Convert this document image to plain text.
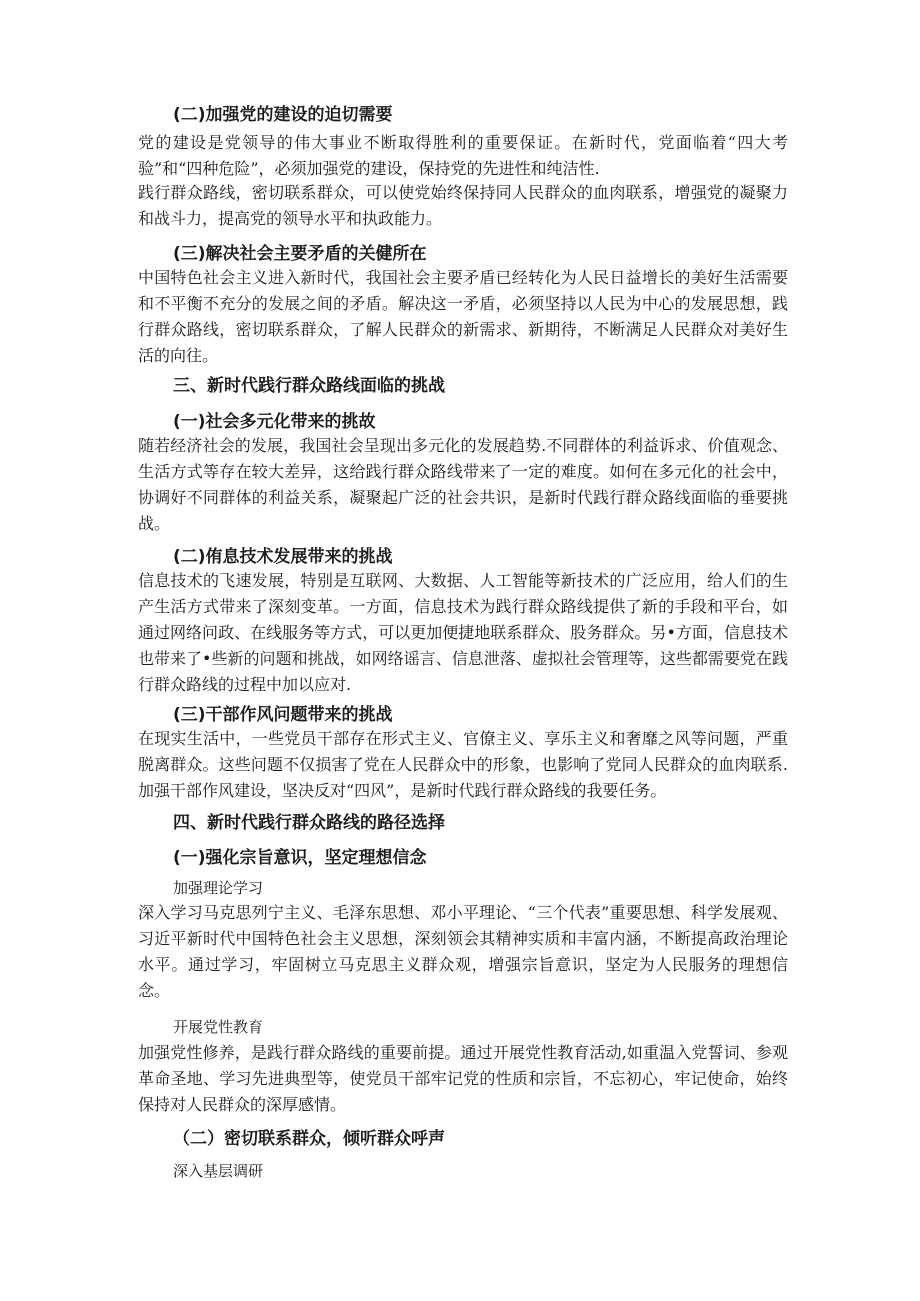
(二)加强党的建设的迫切需要

党的建设是党领导的伟大事业不断取得胜利的重要保证。在新时代，党面临着“四大考验”和“四种危险”，必须加强党的建设，保持党的先进性和纯洁性.

践行群众路线，密切联系群众，可以使党始终保持同人民群众的血肉联系，增强党的凝聚力和战斗力，提高党的领导水平和执政能力。

(三)解决社会主要矛盾的关健所在

中国特色社会主义进入新时代，我国社会主要矛盾已经转化为人民日益增长的美好生活需要和不平衡不充分的发展之间的矛盾。解决这一矛盾，必须坚持以人民为中心的发展思想，践行群众路线，密切联系群众，了解人民群众的新需求、新期待，不断满足人民群众对美好生活的向往。

三、新时代践行群众路线面临的挑战
(一)社会多元化带来的挑故

随若经济社会的发展，我国社会呈现出多元化的发展趋势.不同群体的利益诉求、价值观念、生活方式等存在较大差异，这给践行群众路线带来了一定的难度。如何在多元化的社会中，协调好不同群体的利益关系，凝聚起广泛的社会共识，是新时代践行群众路线面临的垂要挑战。

(二)侑息技术发展带来的挑战

信息技术的飞速发展，特别是互联网、大数据、人工智能等新技术的广泛应用，给人们的生产生活方式带来了深刻变革。一方面，信息技术为践行群众路线提供了新的手段和平台，如通过网络问政、在线服务等方式，可以更加便捷地联系群众、股务群众。另•方面，信息技术也带来了•些新的问题和挑战，如网络谣言、信息泄落、虚拟社会管理等，这些都需要党在践行群众路线的过程中加以应对.

(三)干部作风问题带来的挑战

在现实生活中，一些党员干部存在形式主义、官僚主义、享乐主义和奢靡之风等问题，严重脱离群众。这些问题不仅损害了党在人民群众中的形象，也影响了党同人民群众的血肉联系.加强干部作风建设，坚决反对“四风”，是新时代践行群众路线的我要任务。

四、新时代践行群众路线的路径选择
(一)强化宗旨意识，坚定理想信念
加强理论学习

深入学习马克思列宁主义、毛泽东思想、邓小平理论、“三个代表”重要思想、科学发展观、习近平新时代中国特色社会主义思想，深刻领会其精神实质和丰富内涵，不断提高政治理论水平。通过学习，牢固树立马克思主义群众观，增强宗旨意识，坚定为人民服务的理想信念。

开展党性教育

加强党性修养，是践行群众路线的重要前提。通过开展党性教育活动,如重温入党誓词、参观革命圣地、学习先进典型等，使党员干部牢记党的性质和宗旨，不忘初心，牢记使命，始终保持对人民群众的深厚感情。

（二）密切联系群众，倾听群众呼声
深入基层调研
